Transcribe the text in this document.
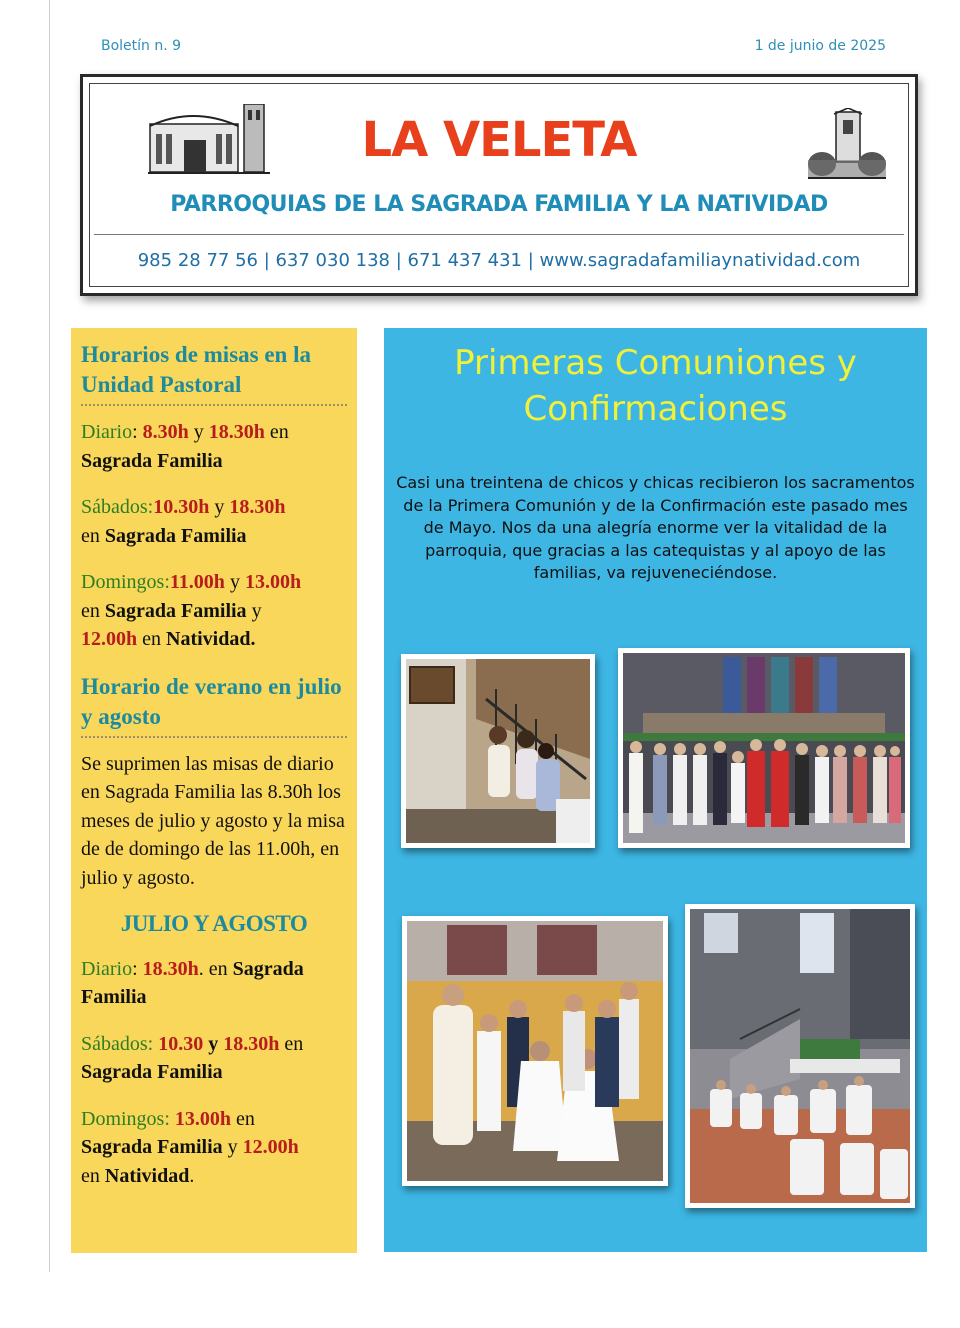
Boletín n. 9	1 de junio de 2025
LA VELETA
PARROQUIAS DE LA SAGRADA FAMILIA Y LA NATIVIDAD
985 28 77 56 | 637 030 138 | 671 437 431 | www.sagradafamiliaynatividad.com
Horarios de misas en la Unidad Pastoral
Diario: 8.30h y 18.30h en
Sagrada Familia
Sábados:10.30h y 18.30h
en Sagrada Familia
Domingos:11.00h y 13.00h
en Sagrada Familia y
12.00h en Natividad.
Horario de verano en julio y agosto
Se suprimen las misas de diario en Sagrada Familia las 8.30h los meses de julio y agosto y la misa de de domingo de las 11.00h, en julio y agosto.
JULIO Y AGOSTO
Diario: 18.30h. en Sagrada Familia
Sábados: 10.30 y 18.30h en
Sagrada Familia
Domingos: 13.00h en
Sagrada Familia y 12.00h
en Natividad.
Primeras Comuniones y Confirmaciones
Casi una treintena de chicos y chicas recibieron los sacramentos de la Primera Comunión y de la Confirmación este pasado mes de Mayo. Nos da una alegría enorme ver la vitalidad de la parroquia, que gracias a las catequistas y al apoyo de las familias, va rejuveneciéndose.
